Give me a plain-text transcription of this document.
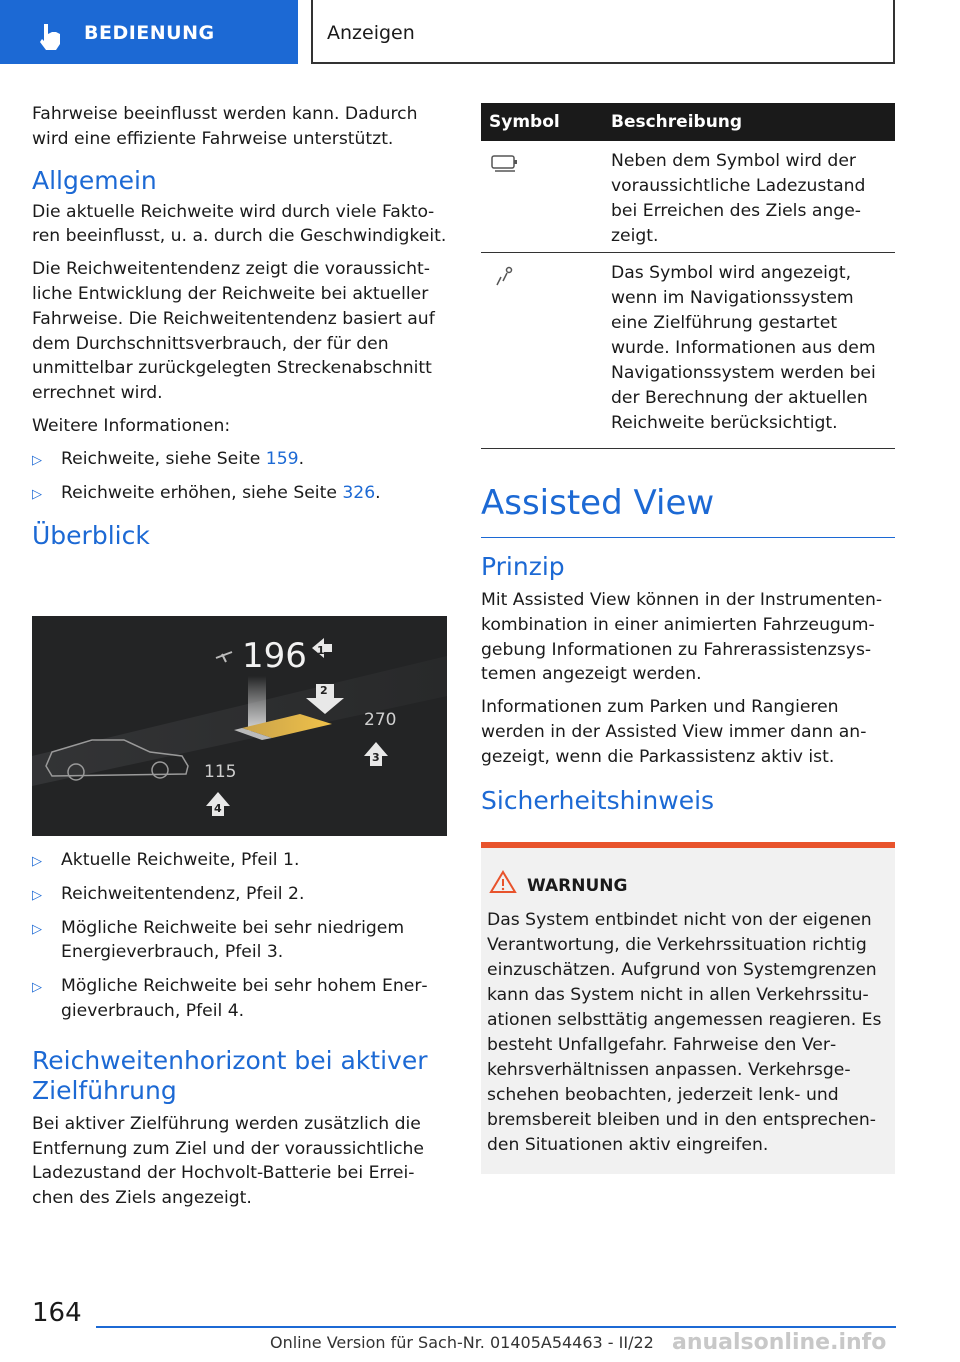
BEDIENUNG	Anzeigen

Fahrweise beeinflusst werden kann. Dadurch wird eine effiziente Fahrweise unterstützt.

Allgemein

Die aktuelle Reichweite wird durch viele Faktoren beeinflusst, u. a. durch die Geschwindigkeit.

Die Reichweitentendenz zeigt die voraussichtliche Entwicklung der Reichweite bei aktueller Fahrweise. Die Reichweitentendenz basiert auf dem Durchschnittsverbrauch, der für den unmittelbar zurückgelegten Streckenabschnitt errechnet wird.

Weitere Informationen:

▷ Reichweite, siehe Seite 159.
▷ Reichweite erhöhen, siehe Seite 326.
Überblick
196 1
2
270
3
115
4
▷ Aktuelle Reichweite, Pfeil 1.
▷ Reichweitentendenz, Pfeil 2.
▷ Mögliche Reichweite bei sehr niedrigem Energieverbrauch, Pfeil 3.
▷ Mögliche Reichweite bei sehr hohem Energieverbrauch, Pfeil 4.
Reichweitenhorizont bei aktiver Zielführung

Bei aktiver Zielführung werden zusätzlich die Entfernung zum Ziel und der voraussichtliche Ladezustand der Hochvolt-Batterie bei Erreichen des Ziels angezeigt.

Symbol	Beschreibung
Neben dem Symbol wird der voraussichtliche Ladezustand bei Erreichen des Ziels angezeigt.
Das Symbol wird angezeigt, wenn im Navigationssystem eine Zielführung gestartet wurde. Informationen aus dem Navigationssystem werden bei der Berechnung der aktuellen Reichweite berücksichtigt.
Assisted View
Prinzip

Mit Assisted View können in der Instrumentenkombination in einer animierten Fahrzeugumgebung Informationen zu Fahrerassistenzsystemen angezeigt werden.

Informationen zum Parken und Rangieren werden in der Assisted View immer dann angezeigt, wenn die Parkassistenz aktiv ist.

Sicherheitshinweis
WARNUNG
Das System entbindet nicht von der eigenen Verantwortung, die Verkehrssituation richtig einzuschätzen. Aufgrund von Systemgrenzen kann das System nicht in allen Verkehrssituationen selbsttätig angemessen reagieren. Es besteht Unfallgefahr. Fahrweise den Verkehrsverhältnissen anpassen. Verkehrsgeschehen beobachten, jederzeit lenk- und bremsbereit bleiben und in den entsprechenden Situationen aktiv eingreifen.
164
Online Version für Sach-Nr. 01405A54463 - II/22 anualsonline.info
